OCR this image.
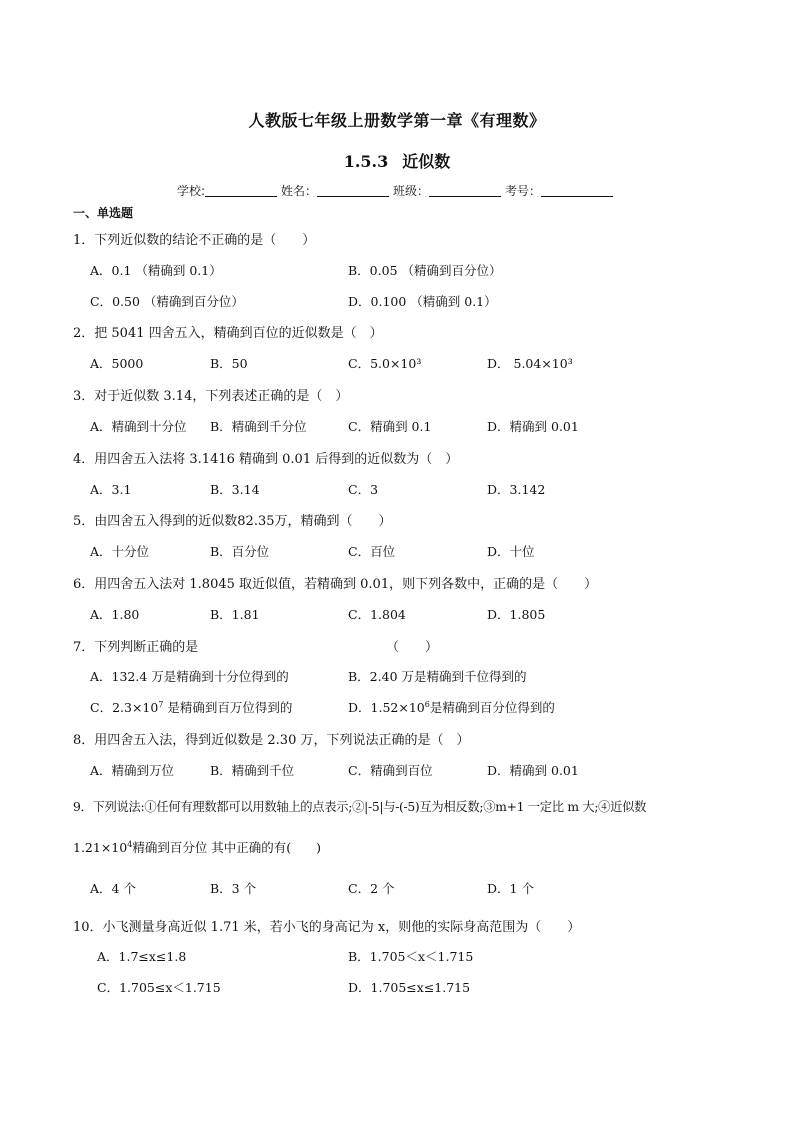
人教版七年级上册数学第一章《有理数》
1.5.3 近似数
学校:	姓名：	班级：	考号：
一、单选题
1．下列近似数的结论不正确的是（　　）
A．0.1 （精确到 0.1）	B．0.05 （精确到百分位）
C．0.50 （精确到百分位）	D．0.100 （精确到 0.1）
2．把 5041 四舍五入，精确到百位的近似数是（　）
A．5000	B．50	C．5.0×10³	D． 5.04×10³
3．对于近似数 3.14，下列表述正确的是（　）
A．精确到十分位 B．精确到千分位	C．精确到 0.1	D．精确到 0.01
4．用四舍五入法将 3.1416 精确到 0.01 后得到的近似数为（　）
A．3.1	B．3.14	C．3	D．3.142
5．由四舍五入得到的近似数82.35万，精确到（　　）
A．十分位	B．百分位	C．百位	D．十位
6．用四舍五入法对 1.8045 取近似值，若精确到 0.01，则下列各数中，正确的是（　　）
A．1.80	B．1.81	C．1.804	D．1.805
7．下列判断正确的是	（　　）
A．132.4 万是精确到十分位得到的	B．2.40 万是精确到千位得到的
C．$2.3\times 10^7$ 是精确到百万位得到的	D．$1.52\times 10^6$是精确到百分位得到的
8．用四舍五入法，得到近似数是 2.30 万，下列说法正确的是（　）
A．精确到万位	B．精确到千位	C．精确到百位	D．精确到 0.01
9．下列说法:①任何有理数都可以用数轴上的点表示;②|-5|与-(-5)互为相反数;③m+1 一定比 m 大;④近似数
$1.21\times 10^4$精确到百分位 其中正确的有(　　)
A．4 个	B．3 个	C．2 个	D．1 个
10．小飞测量身高近似 1.71 米，若小飞的身高记为 x，则他的实际身高范围为（　　）
A．1.7≤x≤1.8	B．1.705＜x＜1.715
C．1.705≤x＜1.715	D．1.705≤x≤1.715
